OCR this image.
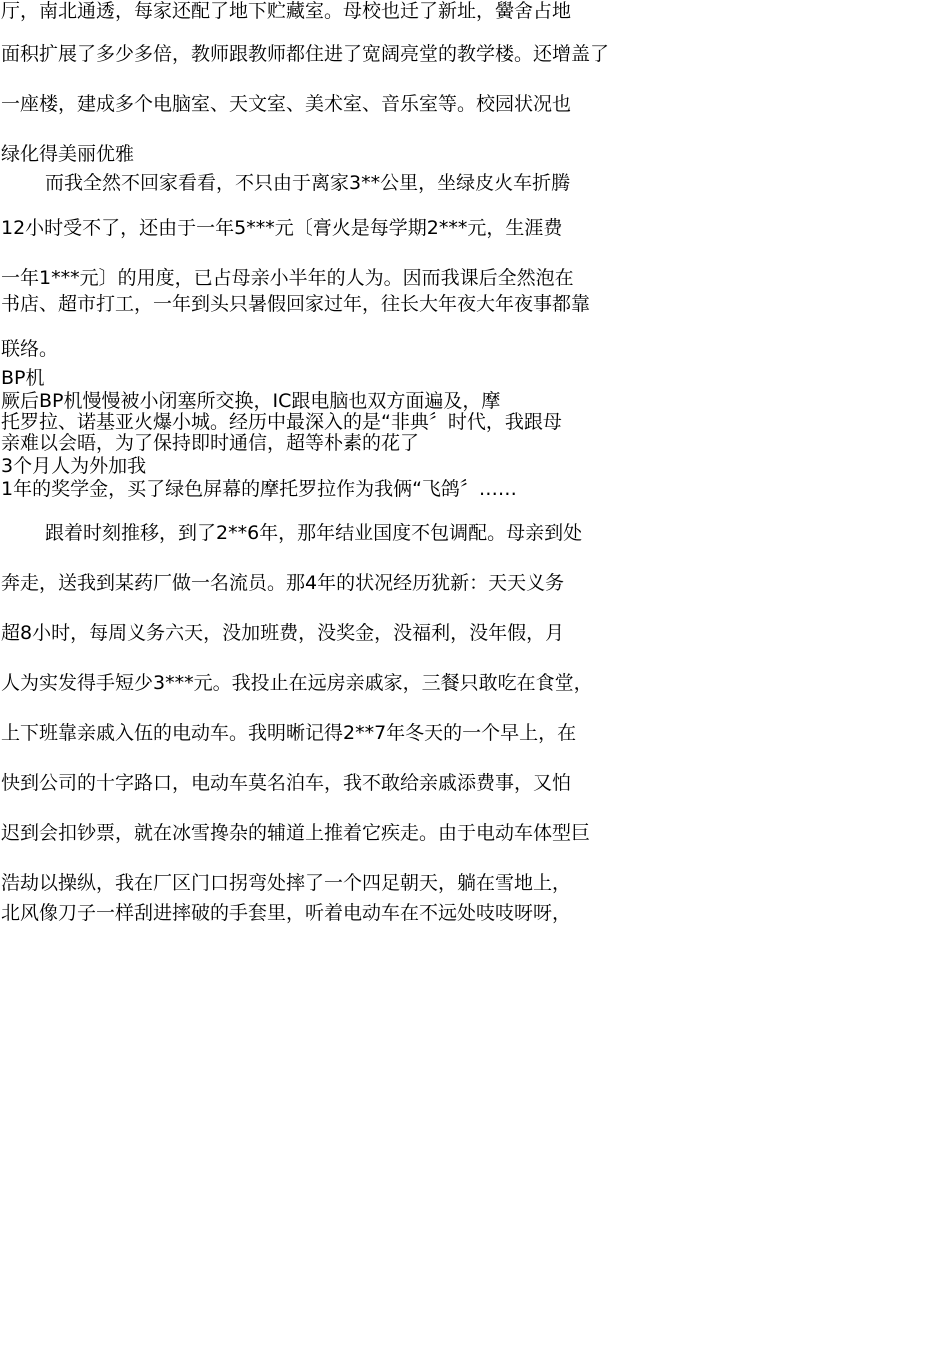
厅，南北通透，每家还配了地下贮藏室。母校也迁了新址，黌舍占地
面积扩展了多少多倍，教师跟教师都住进了宽阔亮堂的教学楼。还增盖了
一座楼，建成多个电脑室、天文室、美术室、音乐室等。校园状况也
绿化得美丽优雅
而我全然不回家看看，不只由于离家3**公里，坐绿皮火车折腾
12小时受不了，还由于一年5***元〔膏火是每学期2***元，生涯费
一年1***元〕的用度，已占母亲小半年的人为。因而我课后全然泡在
书店、超市打工，一年到头只暑假回家过年，往长大年夜大年夜事都靠
联络。
BP机
厥后BP机慢慢被小闭塞所交换，IC跟电脑也双方面遍及，摩
托罗拉、诺基亚火爆小城。经历中最深入的是“非典〞时代，我跟母
亲难以会晤，为了保持即时通信，超等朴素的花了
3个月人为外加我
1年的奖学金，买了绿色屏幕的摩托罗拉作为我俩“飞鸽〞……
跟着时刻推移，到了2**6年，那年结业国度不包调配。母亲到处
奔走，送我到某药厂做一名流员。那4年的状况经历犹新：天天义务
超8小时，每周义务六天，没加班费，没奖金，没福利，没年假，月
人为实发得手短少3***元。我投止在远房亲戚家，三餐只敢吃在食堂，
上下班靠亲戚入伍的电动车。我明晰记得2**7年冬天的一个早上，在
快到公司的十字路口，电动车莫名泊车，我不敢给亲戚添费事，又怕
迟到会扣钞票，就在冰雪搀杂的辅道上推着它疾走。由于电动车体型巨
浩劫以操纵，我在厂区门口拐弯处摔了一个四足朝天，躺在雪地上，
北风像刀子一样刮进摔破的手套里，听着电动车在不远处吱吱呀呀，
